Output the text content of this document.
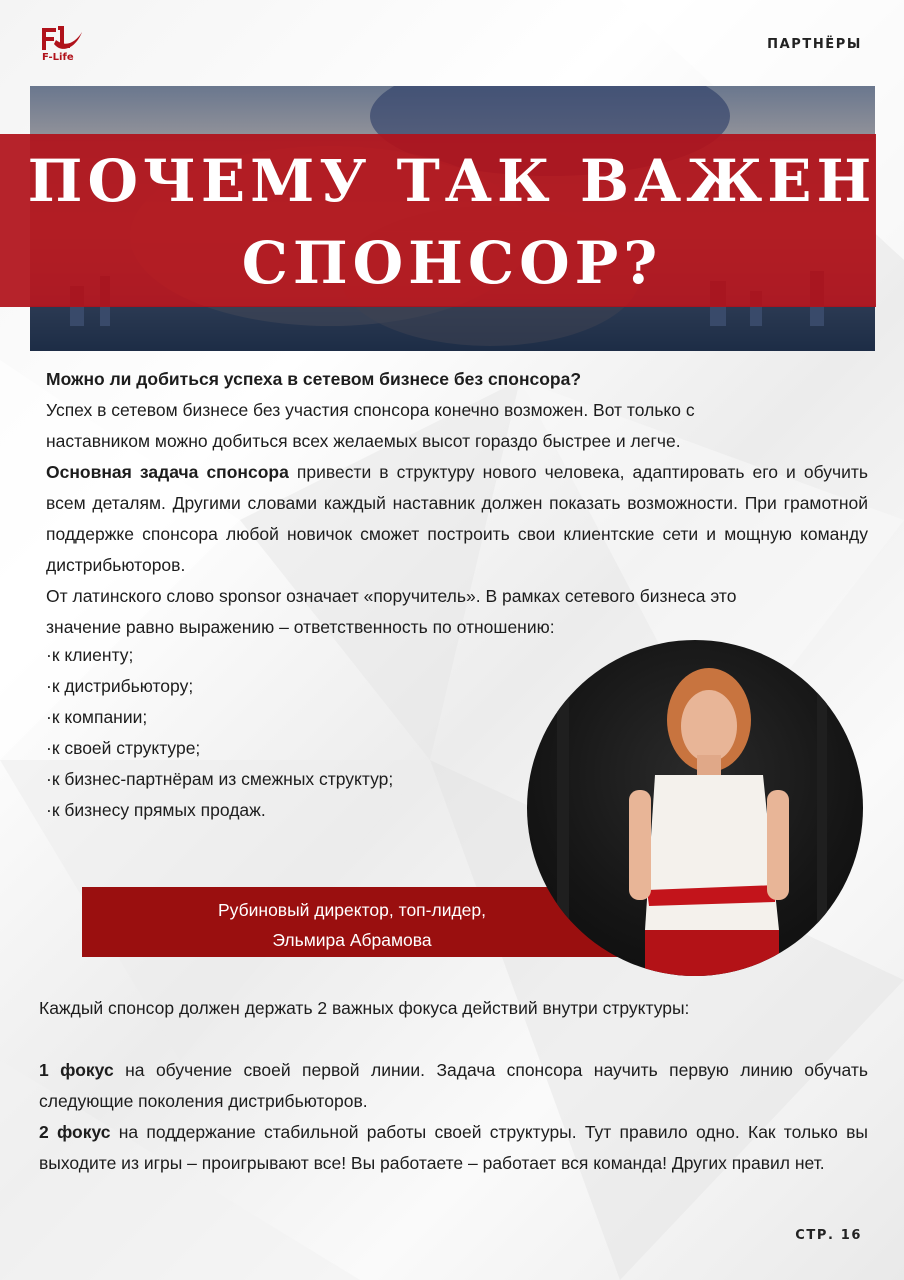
F-Life
ПАРТНЁРЫ
ПОЧЕМУ ТАК ВАЖЕН
СПОНСОР?

Можно ли добиться успеха в сетевом бизнесе без спонсора?

Успех в сетевом бизнесе без участия спонсора конечно возможен. Вот только с

наставником можно добиться всех желаемых высот гораздо быстрее и легче.

Основная задача спонсора привести в структуру нового человека, адаптировать его и обучить всем деталям. Другими словами каждый наставник должен показать возможности. При грамотной поддержке спонсора любой новичок сможет построить свои клиентские сети и мощную команду дистрибьюторов.

От латинского слово sponsor означает «поручитель». В рамках сетевого бизнеса это

значение равно выражению – ответственность по отношению:

·к клиенту;
·к дистрибьютору;
·к компании;
·к своей структуре;
·к бизнес-партнёрам из смежных структур;
·к бизнесу прямых продаж.

Рубиновый директор, топ-лидер,

Эльмира Абрамова

Каждый спонсор должен держать 2 важных фокуса действий внутри структуры:

1 фокус на обучение своей первой линии. Задача спонсора научить первую линию обучать следующие поколения дистрибьюторов.

2 фокус на поддержание стабильной работы своей структуры. Тут правило одно. Как только вы выходите из игры – проигрывают все! Вы работаете – работает вся команда! Других правил нет.

СТР. 16
